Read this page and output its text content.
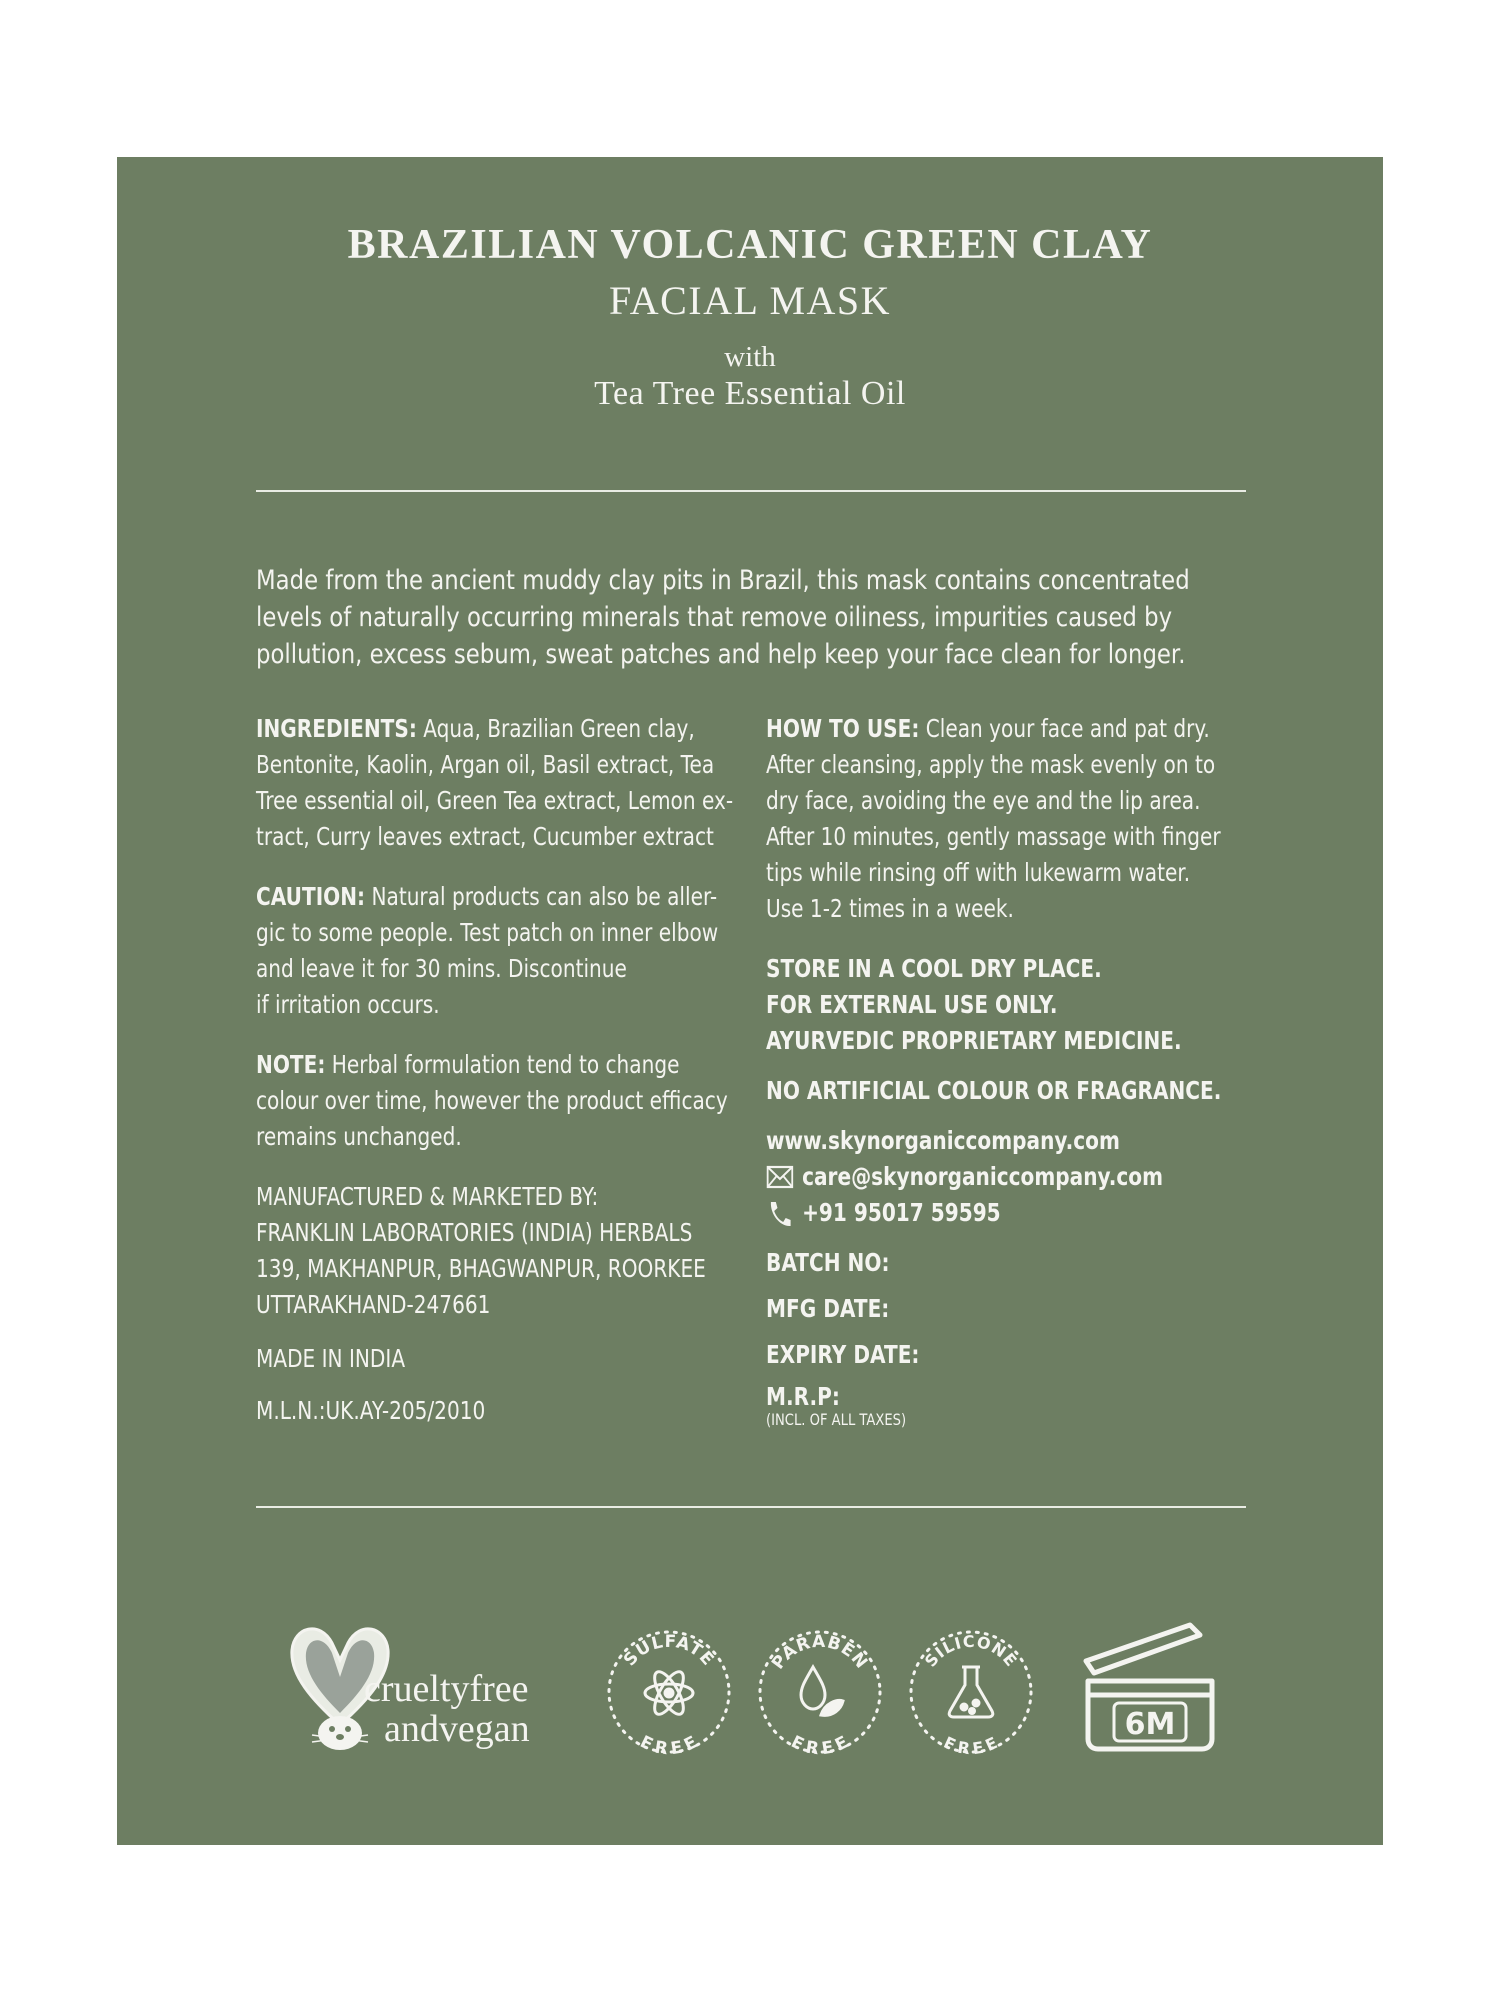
BRAZILIAN VOLCANIC GREEN CLAY
FACIAL MASK
with
Tea Tree Essential Oil
Made from the ancient muddy clay pits in Brazil, this mask contains concentrated
levels of naturally occurring minerals that remove oiliness, impurities caused by
pollution, excess sebum, sweat patches and help keep your face clean for longer.

INGREDIENTS: Aqua, Brazilian Green clay,
Bentonite, Kaolin, Argan oil, Basil extract, Tea
Tree essential oil, Green Tea extract, Lemon ex-
tract, Curry leaves extract, Cucumber extract

CAUTION: Natural products can also be aller-
gic to some people. Test patch on inner elbow
and leave it for 30 mins. Discontinue
if irritation occurs.

NOTE: Herbal formulation tend to change
colour over time, however the product efficacy
remains unchanged.

MANUFACTURED & MARKETED BY:
FRANKLIN LABORATORIES (INDIA) HERBALS
139, MAKHANPUR, BHAGWANPUR, ROORKEE
UTTARAKHAND-247661

MADE IN INDIA

M.L.N.:UK.AY-205/2010

HOW TO USE: Clean your face and pat dry.
After cleansing, apply the mask evenly on to
dry face, avoiding the eye and the lip area.
After 10 minutes, gently massage with finger
tips while rinsing off with lukewarm water.
Use 1-2 times in a week.

STORE IN A COOL DRY PLACE.

FOR EXTERNAL USE ONLY.

AYURVEDIC PROPRIETARY MEDICINE.

NO ARTIFICIAL COLOUR OR FRAGRANCE.

www.skynorganiccompany.com
care@skynorganiccompany.com
+91 95017 59595
BATCH NO:
MFG DATE:
EXPIRY DATE:
M.R.P:
(INCL. OF ALL TAXES)
crueltyfree
andvegan
SULFATE
FREE
PARABEN
FREE
SILICONE
FREE
6M
